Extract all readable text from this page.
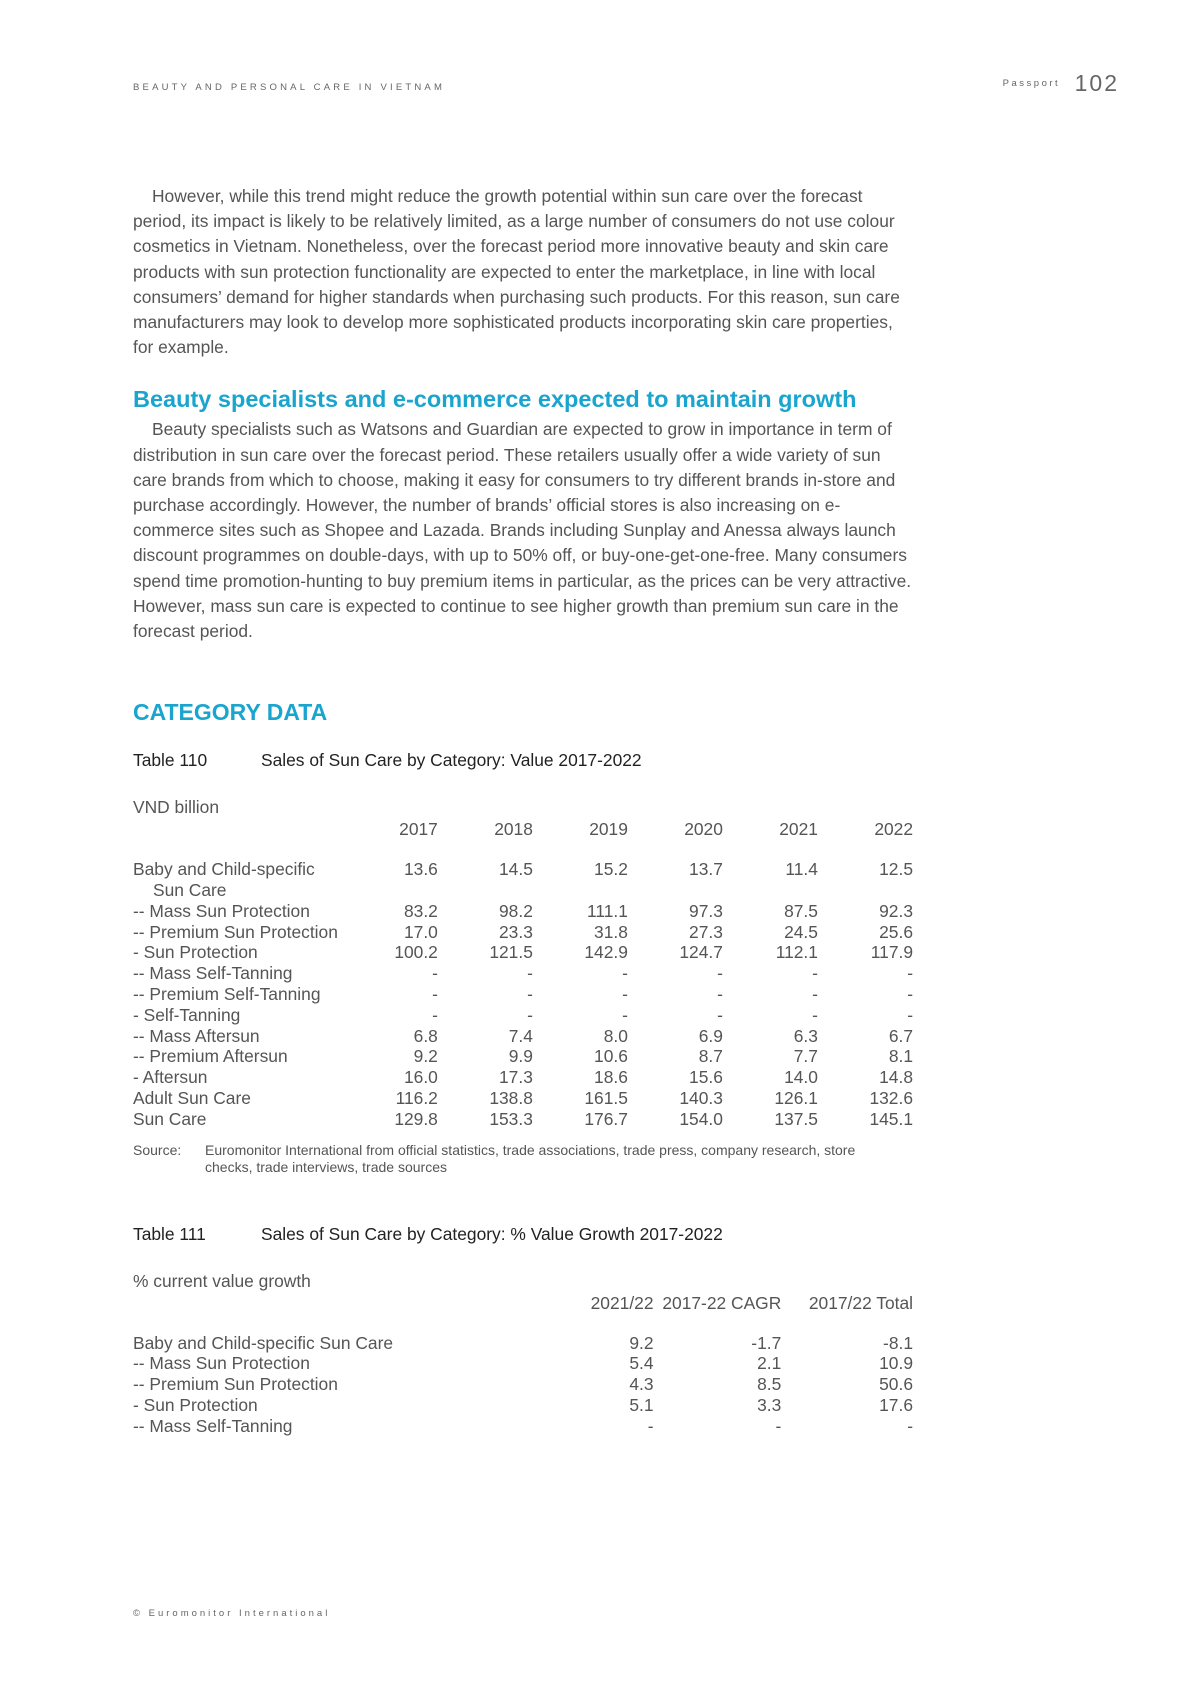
BEAUTY AND PERSONAL CARE IN VIETNAM	Passport 102

However, while this trend might reduce the growth potential within sun care over the forecast period, its impact is likely to be relatively limited, as a large number of consumers do not use colour cosmetics in Vietnam. Nonetheless, over the forecast period more innovative beauty and skin care products with sun protection functionality are expected to enter the marketplace, in line with local consumers’ demand for higher standards when purchasing such products. For this reason, sun care manufacturers may look to develop more sophisticated products incorporating skin care properties, for example.

Beauty specialists and e-commerce expected to maintain growth

Beauty specialists such as Watsons and Guardian are expected to grow in importance in term of distribution in sun care over the forecast period. These retailers usually offer a wide variety of sun care brands from which to choose, making it easy for consumers to try different brands in-store and purchase accordingly. However, the number of brands’ official stores is also increasing on e-commerce sites such as Shopee and Lazada. Brands including Sunplay and Anessa always launch discount programmes on double-days, with up to 50% off, or buy-one-get-one-free. Many consumers spend time promotion-hunting to buy premium items in particular, as the prices can be very attractive. However, mass sun care is expected to continue to see higher growth than premium sun care in the forecast period.

CATEGORY DATA
Table 110	Sales of Sun Care by Category: Value 2017-2022
VND billion
	2017	2018	2019	2020	2021	2022

Baby and Child-specific
Sun Care	13.6	14.5	15.2	13.7	11.4	12.5

-- Mass Sun Protection	83.2	98.2	111.1	97.3	87.5	92.3

-- Premium Sun Protection	17.0	23.3	31.8	27.3	24.5	25.6

- Sun Protection	100.2	121.5	142.9	124.7	112.1	117.9

-- Mass Self-Tanning	-	-	-	-	-	-

-- Premium Self-Tanning	-	-	-	-	-	-

- Self-Tanning	-	-	-	-	-	-

-- Mass Aftersun	6.8	7.4	8.0	6.9	6.3	6.7

-- Premium Aftersun	9.2	9.9	10.6	8.7	7.7	8.1

- Aftersun	16.0	17.3	18.6	15.6	14.0	14.8

Adult Sun Care	116.2	138.8	161.5	140.3	126.1	132.6

Sun Care	129.8	153.3	176.7	154.0	137.5	145.1
Source:	Euromonitor International from official statistics, trade associations, trade press, company research, store checks, trade interviews, trade sources
Table 111	Sales of Sun Care by Category: % Value Growth 2017-2022
% current value growth
	2021/22	2017-22 CAGR	2017/22 Total
Baby and Child-specific Sun Care	9.2	-1.7	-8.1
-- Mass Sun Protection	5.4	2.1	10.9
-- Premium Sun Protection	4.3	8.5	50.6
- Sun Protection	5.1	3.3	17.6
-- Mass Self-Tanning	-	-	-
© Euromonitor International
